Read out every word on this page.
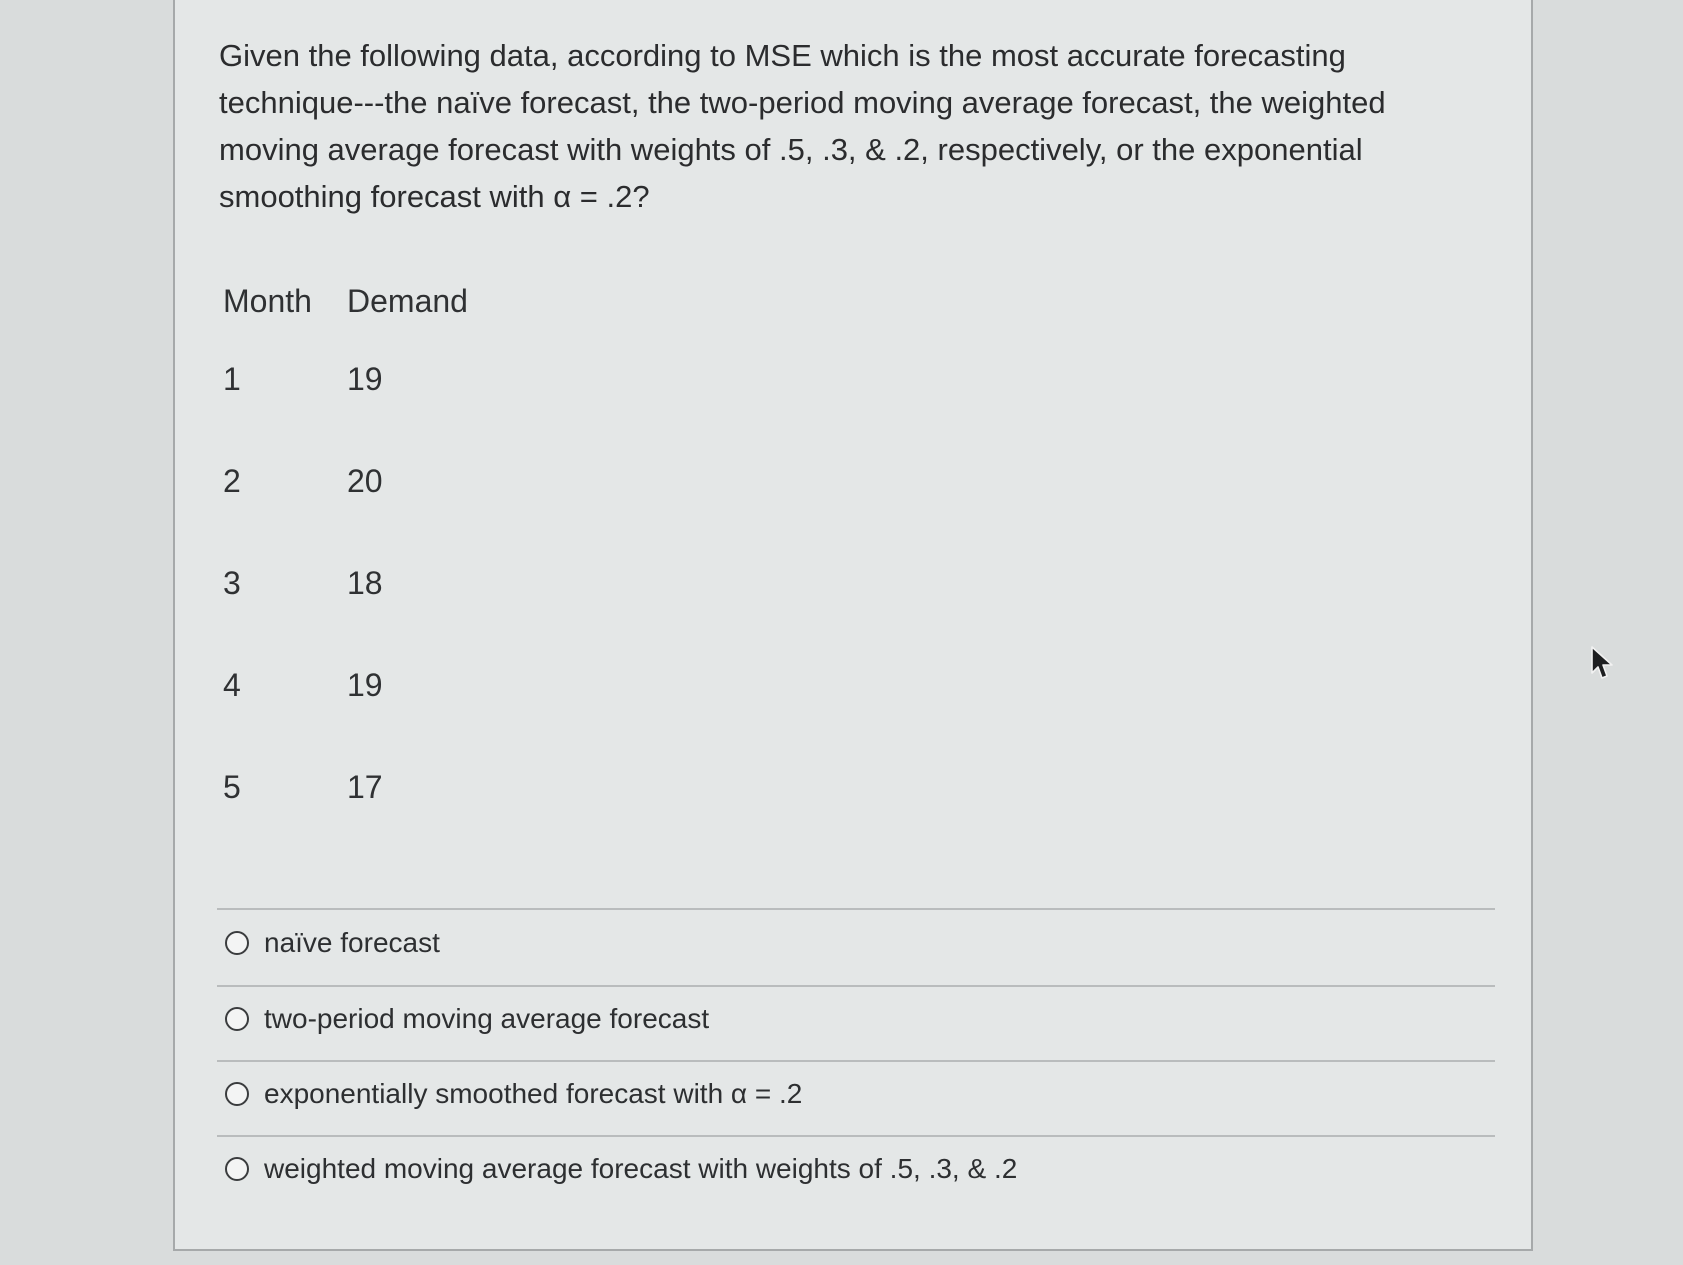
Given the following data, according to MSE which is the most accurate forecasting technique---the naïve forecast, the two-period moving average forecast, the weighted moving average forecast with weights of .5, .3, & .2, respectively, or the exponential smoothing forecast with α = .2?
Month	Demand
1	19
2	20
3	18
4	19
5	17
naïve forecast
two-period moving average forecast
exponentially smoothed forecast with α = .2
weighted moving average forecast with weights of .5, .3, & .2
